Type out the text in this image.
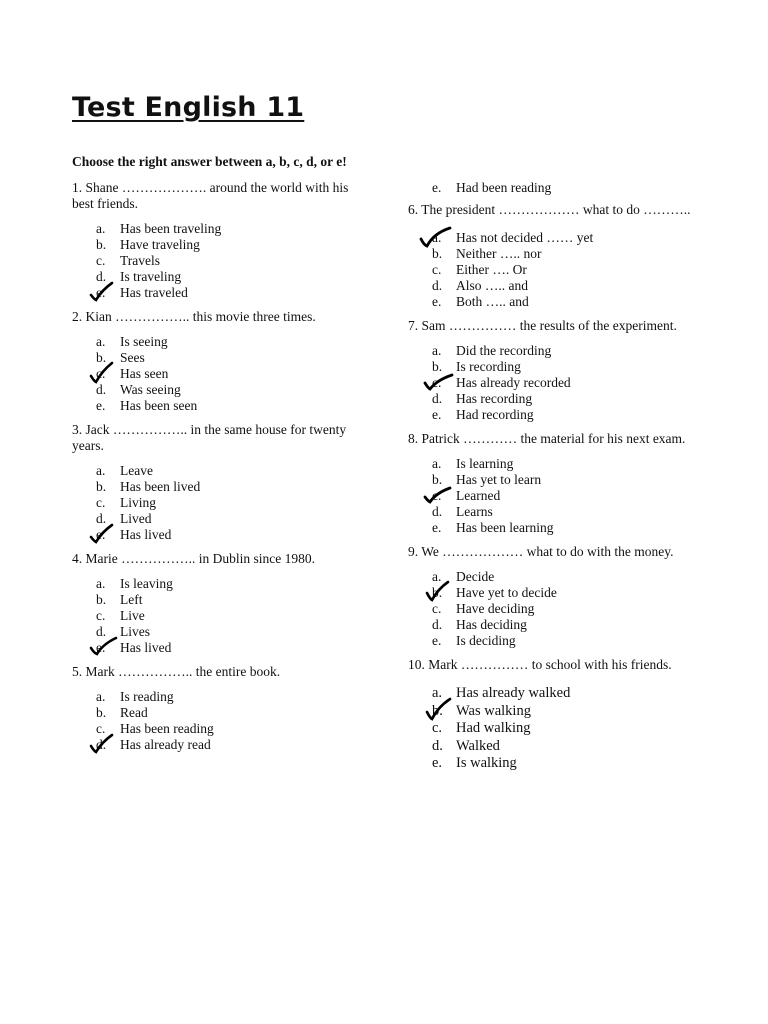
Test English 11
Choose the right answer between a, b, c, d, or e!

1. Shane ………………. around the world with his best friends.

a. Has been traveling
b. Have traveling
c. Travels
d. Is traveling
e. Has traveled

2. Kian …………….. this movie three times.

a. Is seeing
b. Sees
c. Has seen
d. Was seeing
e. Has been seen

3. Jack …………….. in the same house for twenty years.

a. Leave
b. Has been lived
c. Living
d. Lived
e. Has lived

4. Marie …………….. in Dublin since 1980.

a. Is leaving
b. Left
c. Live
d. Lives
e. Has lived

5. Mark …………….. the entire book.

a. Is reading
b. Read
c. Has been reading
d. Has already read
e. Had been reading

6. The president ……………… what to do ………..

a. Has not decided …… yet
b. Neither ….. nor
c. Either …. Or
d. Also ….. and
e. Both ….. and

7. Sam …………… the results of the experiment.

a. Did the recording
b. Is recording
c. Has already recorded
d. Has recording
e. Had recording

8. Patrick ………… the material for his next exam.

a. Is learning
b. Has yet to learn
c. Learned
d. Learns
e. Has been learning

9. We ……………… what to do with the money.

a. Decide
b. Have yet to decide
c. Have deciding
d. Has deciding
e. Is deciding

10. Mark …………… to school with his friends.

a. Has already walked
b. Was walking
c. Had walking
d. Walked
e. Is walking
